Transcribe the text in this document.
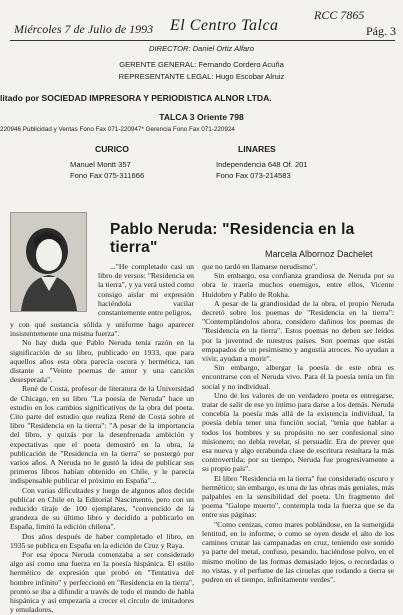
Miércoles 7 de Julio de 1993 El Centro Talca
RCC 7865
Pág. 3
DIRECTOR: Daniel Ortiz Alfaro
GERENTE GENERAL: Fernando Cordero Acuña
REPRESENTANTE LEGAL: Hugo Escobar Alruiz
litado por SOCIEDAD IMPRESORA Y PERIODISTICA ALNOR LTDA.
TALCA 3 Oriente 798
220946 Publicidad y Ventas Fono Fax 071-220947* Gerencia Fono Fax 071-220924
CURICO	LINARES
Manuel Montt 357
Fono Fax 075-311666
Independencia 648 Of. 201
Fono Fax 073-214583
Pablo Neruda: "Residencia en la tierra"	Marcela Albornoz Dachelet

..."He completado casi un libro de versos: "Residencia en la tierra", y ya verá usted como consigo aislar mi expresión haciéndola vacilar constantemente entre peligros,

y con qué sustancia sólida y uniforme hago aparecer insistentemente una misma fuerza".

No hay duda que Pablo Neruda tenía razón en la significación de su libro, publicado en 1933, que para aquellos años esta obra parecía oscura y hermética, tan distante a "Veinte poemas de amor y una canción desesperada".

René de Costa, profesor de literatura de la Universidad de Chicago, en su libro "La poesía de Neruda" hace un estudio en los cambios significativos de la obra del poeta. Cito parte del estudio que realiza René de Costa sobre el libro "Residencia en la tierra": "A pesar de la importancia del libro, y quizás por la desenfrenada ambición y expectativas que el poeta demostró en la obra, la publicación de "Residencia en la tierra" se postergó por varios años. A Neruda no le gustó la idea de publicar sus primeros libros habían obtenido en Chile, y le parecía indispensable publicar el próximo en España"...

Con varias dificultades y luego de algunos años decide publicar en Chile en la Editorial Nascimento, pero con un reducido tiraje de 100 ejemplares, "convencido de la grandeza de su último libro y decidido a publicarlo en España, limitó la edición chilena".

Dos años después de haber completado el libro, en 1935 se publica en España en la edición de Cruz y Raya.

Por esa época Neruda comenzaba a ser considerado algo así como una fuerza en la poesía hispánica. El estilo hermético de expresión que probó en "Tentativa del hombre infinito" y perfeccionó en "Residencia en la tierra", pronto se iba a difundir a través de todo el mundo de habla hispánica y así empezaría a crecer el círculo de imitadores y emuladores,

que no tardó en llamarse nerudismo".

Sin embargo, esa confianza grandiosa de Neruda por su obra le traería muchos enemigos, entre ellos, Vicente Huidobro y Pablo de Rokha.

A pesar de la grandiosidad de la obra, el propio Neruda decretó sobre los poemas de "Residencia en la tierra": "Contemplándolos ahora, considero dañinos los poemas de "Residencia en la tierra". Estos poemas no deben ser leídos por la juventud de nuestros países. Son poemas que están empapados de un pesimismo y angustia atroces. No ayudan a vivir, ayudan a morir".

Sin embargo, albergar la poesía de este obra es encontrarse con el Neruda vivo. Para él la poesía tenía un fin social y no individual.

Uno de los valores de un verdadero poeta es entregarse, tratar de salir de ese yo íntimo para darse a los demás. Neruda concebía la poesía más allá de la existencia individual, la poesía debía tener una función social, "tenía que hablar a todos los hombres y su propósito no ser confesional sino misionero; no debía revelar, sí persuadir. Era de prever que esa nueva y algo errabunda clase de escritura resultara la más controvertida; por su tiempo, Neruda fue progresivamente a su propio país".

El libro "Residencia en la tierra" fue considerado oscuro y hermético; sin embargo, es una de las obras más geniales, más palpables en la sensibilidad del poeta. Un fragmento del poema "Galope muerto", contempla toda la fuerza que se da entre sus páginas:

"Como cenizas, como mares poblándose, en la sumergida lentitud, en lo informe, o como se oyen desde el alto de los caminos cruzar las campanadas en cruz, teniendo ese sonido ya parte del metal, confuso, pesando, haciéndose polvo, en el mismo molino de las formas demasiado lejos, o recordadas o no vistas, y el perfume de las ciruelas que rodando a tierra se pudren en el tiempo, infinitamente verdes".
